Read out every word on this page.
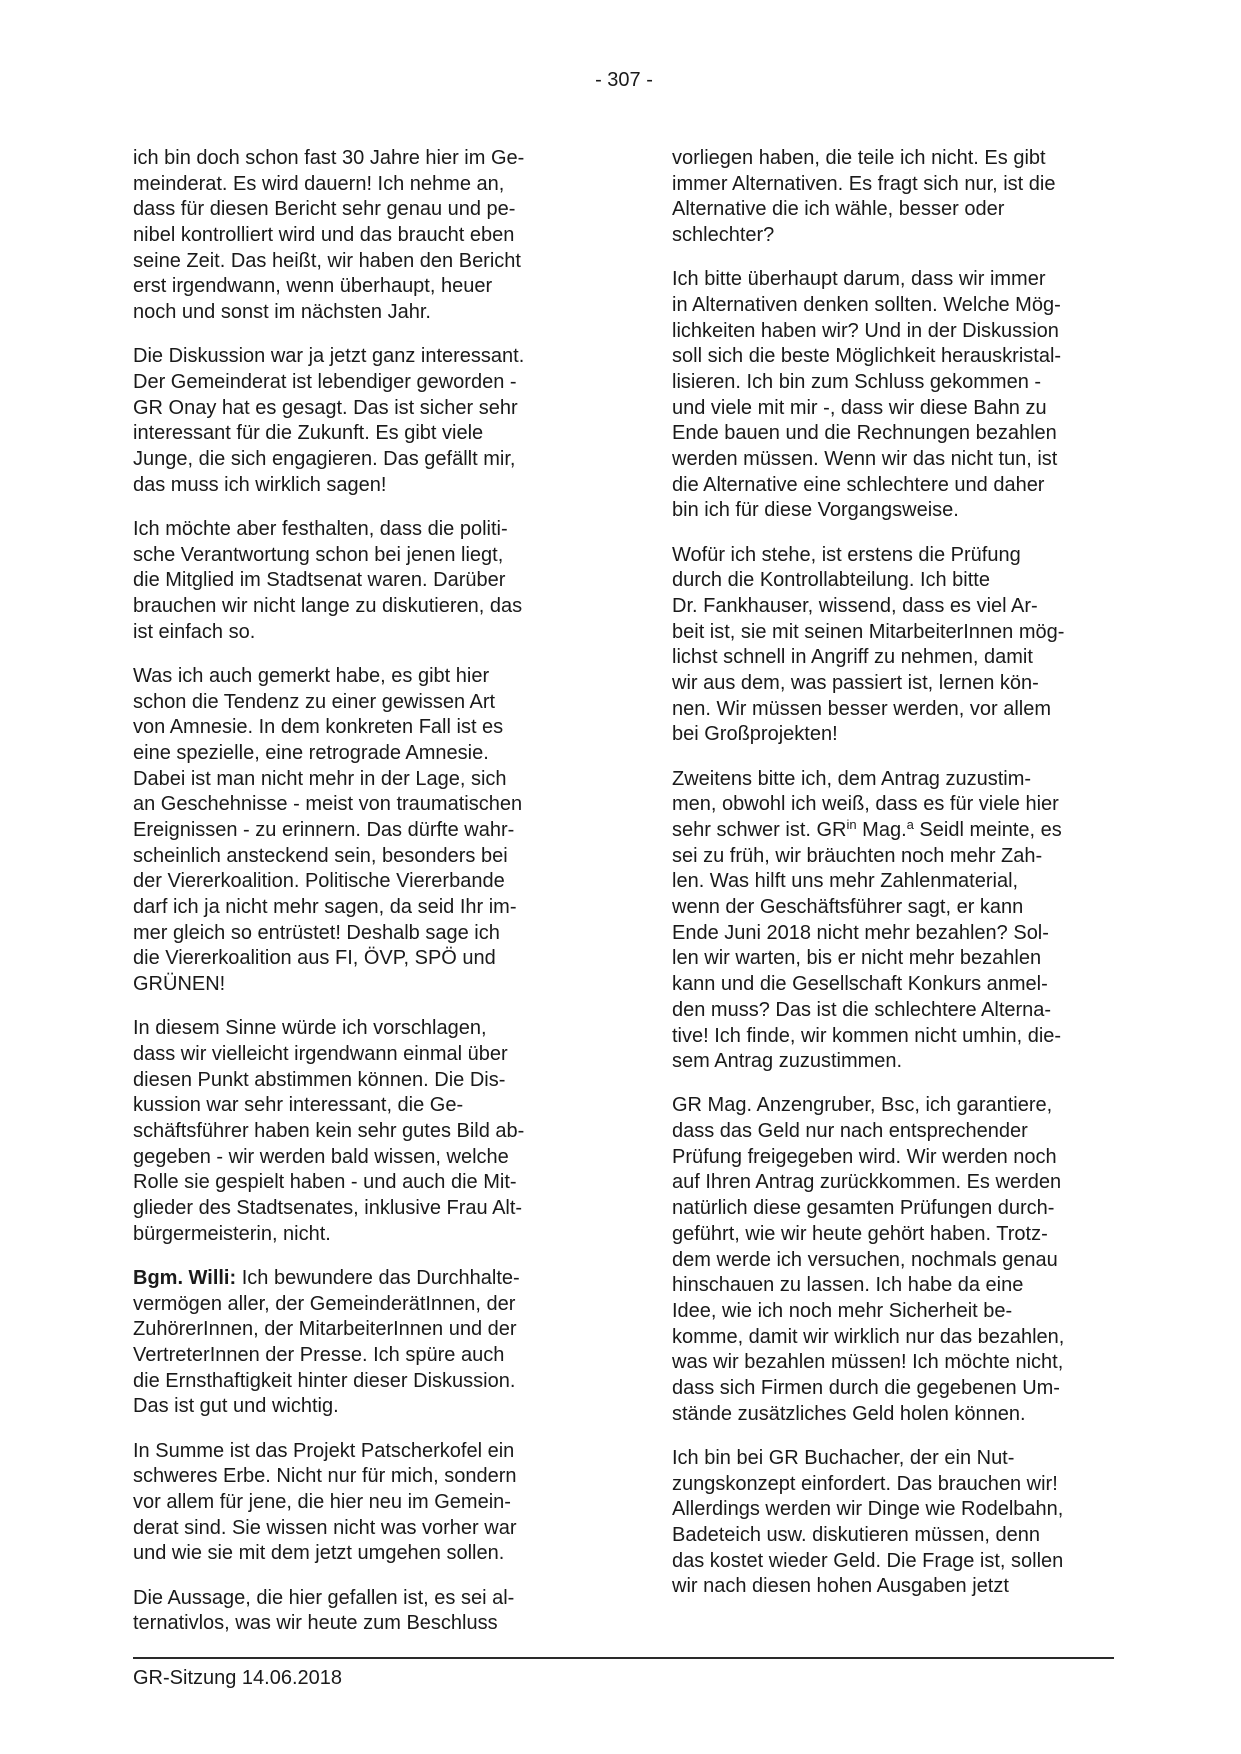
- 307 -
ich bin doch schon fast 30 Jahre hier im Ge-
meinderat. Es wird dauern! Ich nehme an,
dass für diesen Bericht sehr genau und pe-
nibel kontrolliert wird und das braucht eben
seine Zeit. Das heißt, wir haben den Bericht
erst irgendwann, wenn überhaupt, heuer
noch und sonst im nächsten Jahr.
Die Diskussion war ja jetzt ganz interessant.
Der Gemeinderat ist lebendiger geworden -
GR Onay hat es gesagt. Das ist sicher sehr
interessant für die Zukunft. Es gibt viele
Junge, die sich engagieren. Das gefällt mir,
das muss ich wirklich sagen!
Ich möchte aber festhalten, dass die politi-
sche Verantwortung schon bei jenen liegt,
die Mitglied im Stadtsenat waren. Darüber
brauchen wir nicht lange zu diskutieren, das
ist einfach so.
Was ich auch gemerkt habe, es gibt hier
schon die Tendenz zu einer gewissen Art
von Amnesie. In dem konkreten Fall ist es
eine spezielle, eine retrograde Amnesie.
Dabei ist man nicht mehr in der Lage, sich
an Geschehnisse - meist von traumatischen
Ereignissen - zu erinnern. Das dürfte wahr-
scheinlich ansteckend sein, besonders bei
der Viererkoalition. Politische Viererbande
darf ich ja nicht mehr sagen, da seid Ihr im-
mer gleich so entrüstet! Deshalb sage ich
die Viererkoalition aus FI, ÖVP, SPÖ und
GRÜNEN!
In diesem Sinne würde ich vorschlagen,
dass wir vielleicht irgendwann einmal über
diesen Punkt abstimmen können. Die Dis-
kussion war sehr interessant, die Ge-
schäftsführer haben kein sehr gutes Bild ab-
gegeben - wir werden bald wissen, welche
Rolle sie gespielt haben - und auch die Mit-
glieder des Stadtsenates, inklusive Frau Alt-
bürgermeisterin, nicht.
Bgm. Willi: Ich bewundere das Durchhalte-
vermögen aller, der GemeinderätInnen, der
ZuhörerInnen, der MitarbeiterInnen und der
VertreterInnen der Presse. Ich spüre auch
die Ernsthaftigkeit hinter dieser Diskussion.
Das ist gut und wichtig.
In Summe ist das Projekt Patscherkofel ein
schweres Erbe. Nicht nur für mich, sondern
vor allem für jene, die hier neu im Gemein-
derat sind. Sie wissen nicht was vorher war
und wie sie mit dem jetzt umgehen sollen.
Die Aussage, die hier gefallen ist, es sei al-
ternativlos, was wir heute zum Beschluss
vorliegen haben, die teile ich nicht. Es gibt
immer Alternativen. Es fragt sich nur, ist die
Alternative die ich wähle, besser oder
schlechter?
Ich bitte überhaupt darum, dass wir immer
in Alternativen denken sollten. Welche Mög-
lichkeiten haben wir? Und in der Diskussion
soll sich die beste Möglichkeit herauskristal-
lisieren. Ich bin zum Schluss gekommen -
und viele mit mir -, dass wir diese Bahn zu
Ende bauen und die Rechnungen bezahlen
werden müssen. Wenn wir das nicht tun, ist
die Alternative eine schlechtere und daher
bin ich für diese Vorgangsweise.
Wofür ich stehe, ist erstens die Prüfung
durch die Kontrollabteilung. Ich bitte
Dr. Fankhauser, wissend, dass es viel Ar-
beit ist, sie mit seinen MitarbeiterInnen mög-
lichst schnell in Angriff zu nehmen, damit
wir aus dem, was passiert ist, lernen kön-
nen. Wir müssen besser werden, vor allem
bei Großprojekten!
Zweitens bitte ich, dem Antrag zuzustim-
men, obwohl ich weiß, dass es für viele hier
sehr schwer ist. $GR^{in}$ Mag.$^a$ Seidl meinte, es
sei zu früh, wir bräuchten noch mehr Zah-
len. Was hilft uns mehr Zahlenmaterial,
wenn der Geschäftsführer sagt, er kann
Ende Juni 2018 nicht mehr bezahlen? Sol-
len wir warten, bis er nicht mehr bezahlen
kann und die Gesellschaft Konkurs anmel-
den muss? Das ist die schlechtere Alterna-
tive! Ich finde, wir kommen nicht umhin, die-
sem Antrag zuzustimmen.
GR Mag. Anzengruber, Bsc, ich garantiere,
dass das Geld nur nach entsprechender
Prüfung freigegeben wird. Wir werden noch
auf Ihren Antrag zurückkommen. Es werden
natürlich diese gesamten Prüfungen durch-
geführt, wie wir heute gehört haben. Trotz-
dem werde ich versuchen, nochmals genau
hinschauen zu lassen. Ich habe da eine
Idee, wie ich noch mehr Sicherheit be-
komme, damit wir wirklich nur das bezahlen,
was wir bezahlen müssen! Ich möchte nicht,
dass sich Firmen durch die gegebenen Um-
stände zusätzliches Geld holen können.
Ich bin bei GR Buchacher, der ein Nut-
zungskonzept einfordert. Das brauchen wir!
Allerdings werden wir Dinge wie Rodelbahn,
Badeteich usw. diskutieren müssen, denn
das kostet wieder Geld. Die Frage ist, sollen
wir nach diesen hohen Ausgaben jetzt
GR-Sitzung 14.06.2018
